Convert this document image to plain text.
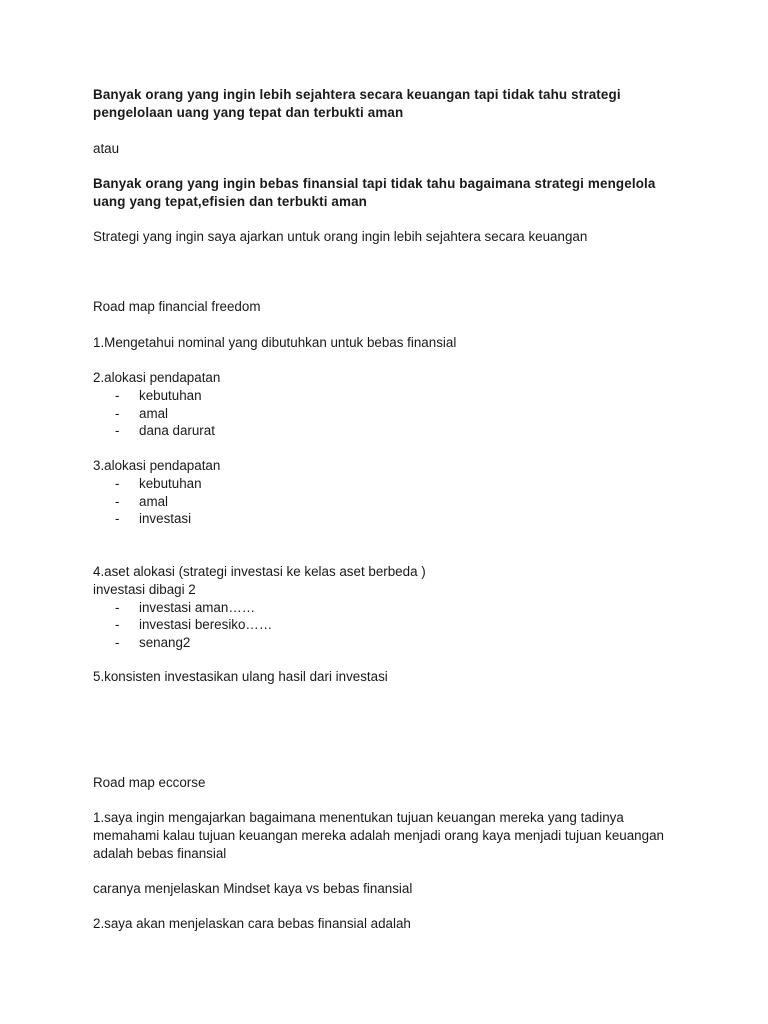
Banyak orang yang ingin lebih sejahtera secara keuangan tapi tidak tahu strategi pengelolaan uang yang tepat dan terbukti aman

atau

Banyak orang yang ingin bebas finansial tapi tidak tahu bagaimana strategi mengelola uang yang tepat,efisien dan terbukti aman

Strategi yang ingin saya ajarkan untuk orang ingin lebih sejahtera secara keuangan

Road map financial freedom

1.Mengetahui nominal yang dibutuhkan untuk bebas finansial

2.alokasi pendapatan
- kebutuhan
- amal
- dana darurat
3.alokasi pendapatan
- kebutuhan
- amal
- investasi
4.aset alokasi (strategi investasi ke kelas aset berbeda )
investasi dibagi 2
- investasi aman……
- investasi beresiko……
- senang2

5.konsisten investasikan ulang hasil dari investasi

Road map eccorse

1.saya ingin mengajarkan bagaimana menentukan tujuan keuangan mereka yang tadinya memahami kalau tujuan keuangan mereka adalah menjadi orang kaya menjadi tujuan keuangan adalah bebas finansial

caranya menjelaskan Mindset kaya vs bebas finansial

2.saya akan menjelaskan cara bebas finansial adalah
